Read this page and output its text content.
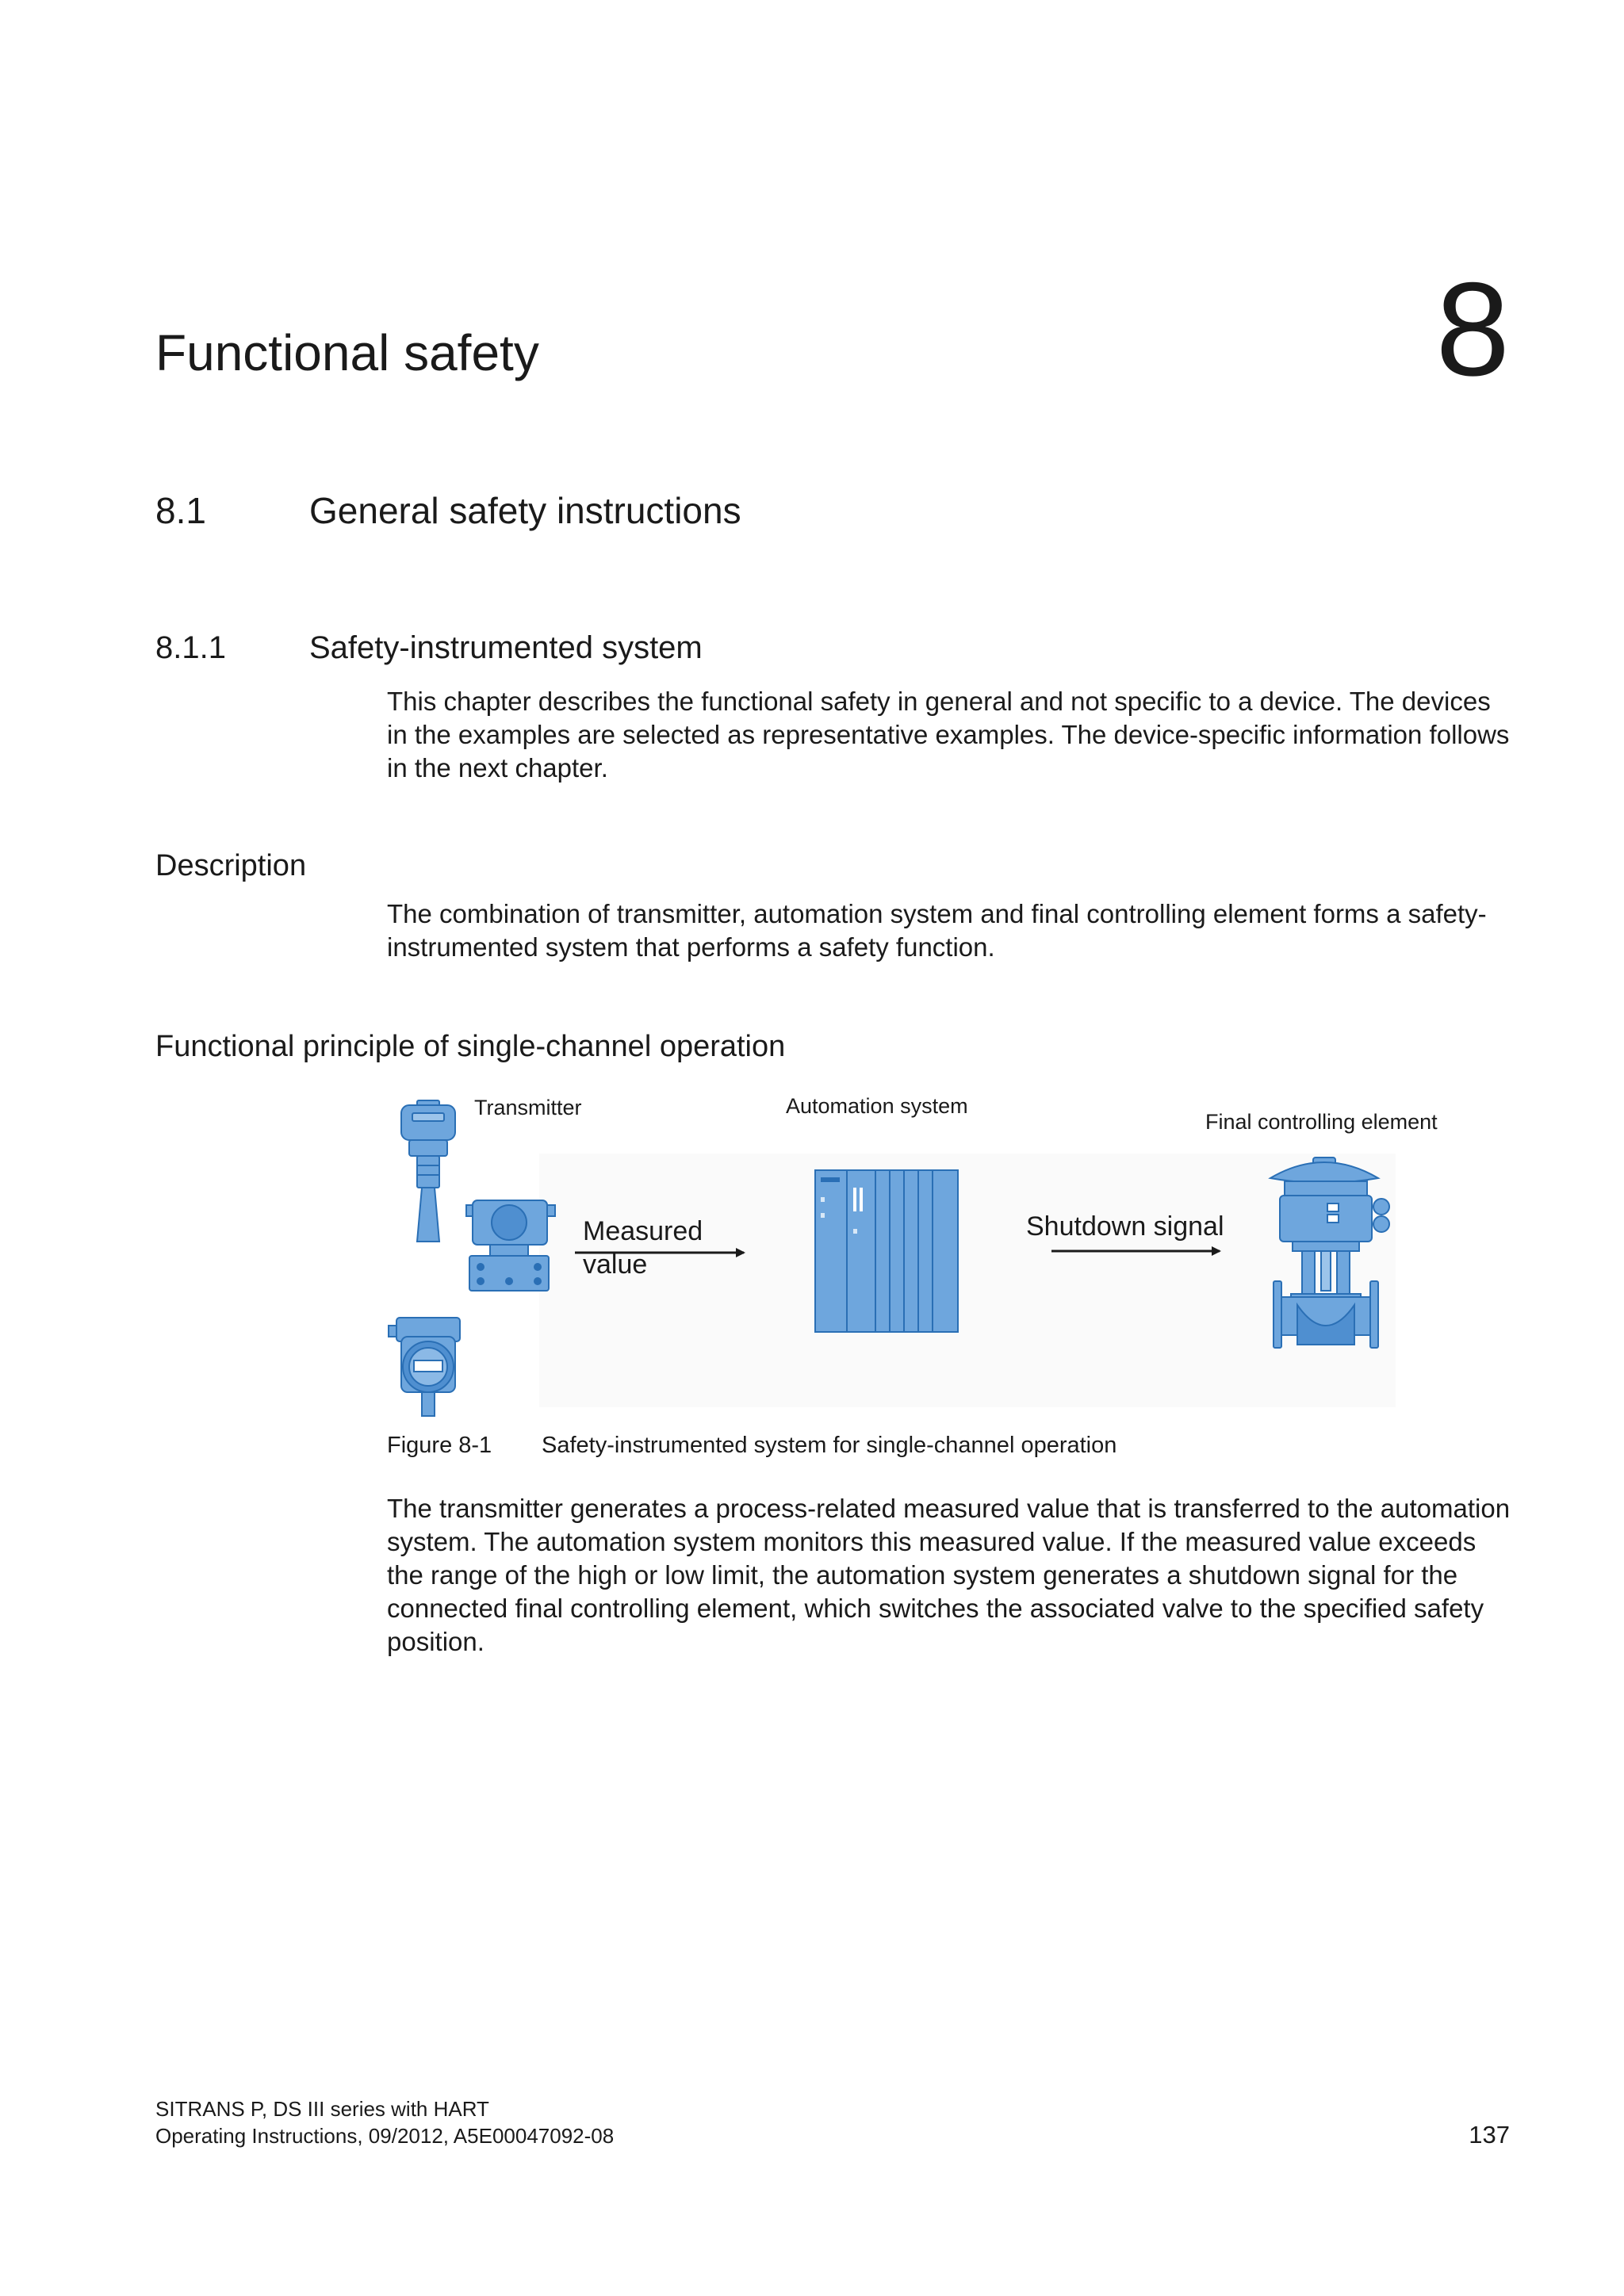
Functional safety	8
8.1	General safety instructions
8.1.1	Safety-instrumented system
This chapter describes the functional safety in general and not specific to a device. The devices in the examples are selected as representative examples. The device-specific information follows in the next chapter.
Description
The combination of transmitter, automation system and final controlling element forms a safety-instrumented system that performs a safety function.
Functional principle of single-channel operation
Transmitter	Automation system
Final controlling element
Measured
value
Shutdown signal
Figure 8-1 Safety-instrumented system for single-channel operation
The transmitter generates a process-related measured value that is transferred to the automation system. The automation system monitors this measured value. If the measured value exceeds the range of the high or low limit, the automation system generates a shutdown signal for the connected final controlling element, which switches the associated valve to the specified safety position.
SITRANS P, DS III series with HART
Operating Instructions, 09/2012, A5E00047092-08	137
